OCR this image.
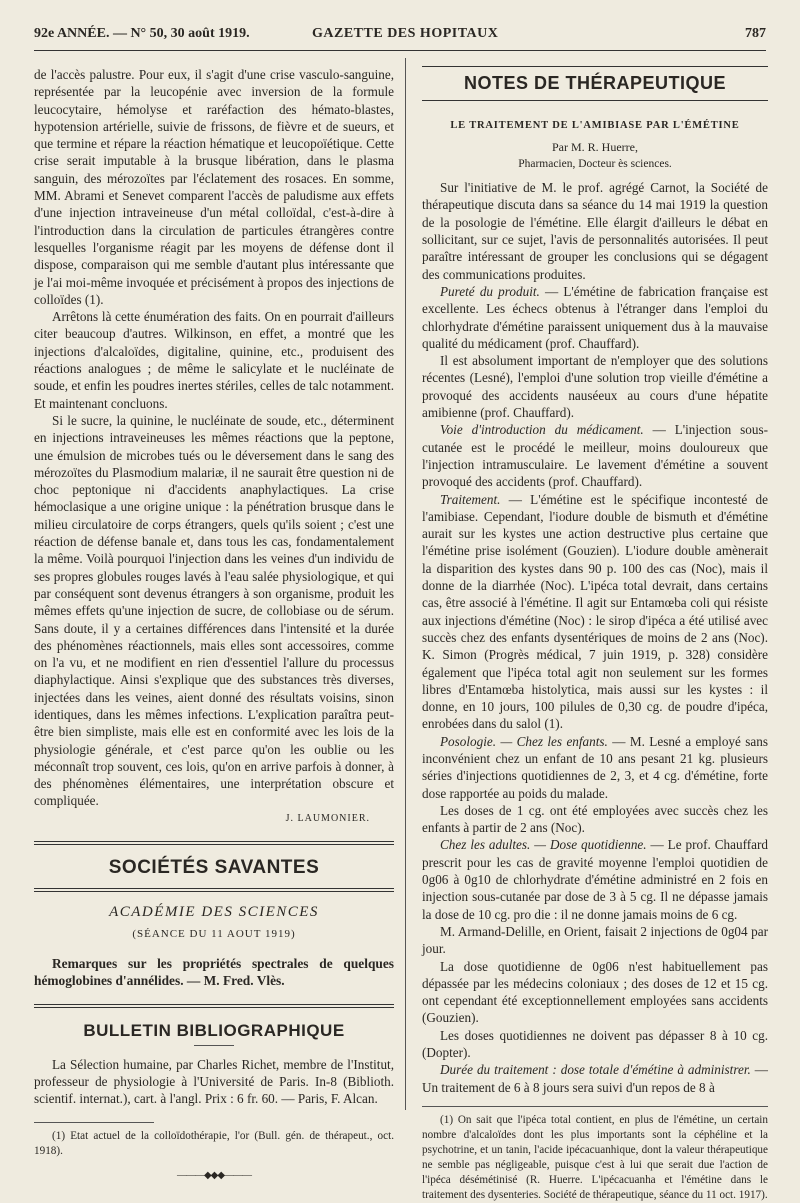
92e ANNÉE. — N° 50, 30 août 1919.	GAZETTE DES HOPITAUX	787

de l'accès palustre. Pour eux, il s'agit d'une crise vasculo-sanguine, représentée par la leucopénie avec inversion de la formule leucocytaire, hémolyse et raréfaction des hémato-blastes, hypotension artérielle, suivie de frissons, de fièvre et de sueurs, et que termine et répare la réaction hématique et leucopoïétique. Cette crise serait imputable à la brusque libération, dans le plasma sanguin, des mérozoïtes par l'éclatement des rosaces. En somme, MM. Abrami et Senevet comparent l'accès de paludisme aux effets d'une injection intraveineuse d'un métal colloïdal, c'est-à-dire à l'introduction dans la circulation de particules étrangères contre lesquelles l'organisme réagit par les moyens de défense dont il dispose, comparaison qui me semble d'autant plus intéressante que je l'ai moi-même invoquée et précisément à propos des injections de colloïdes (1).

Arrêtons là cette énumération des faits. On en pourrait d'ailleurs citer beaucoup d'autres. Wilkinson, en effet, a montré que les injections d'alcaloïdes, digitaline, quinine, etc., produisent des réactions analogues ; de même le salicylate et le nucléinate de soude, et enfin les poudres inertes stériles, celles de talc notamment. Et maintenant concluons.

Si le sucre, la quinine, le nucléinate de soude, etc., déterminent en injections intraveineuses les mêmes réactions que la peptone, une émulsion de microbes tués ou le déversement dans le sang des mérozoïtes du Plasmodium malariæ, il ne saurait être question ni de choc peptonique ni d'accidents anaphylactiques. La crise hémoclasique a une origine unique : la pénétration brusque dans le milieu circulatoire de corps étrangers, quels qu'ils soient ; c'est une réaction de défense banale et, dans tous les cas, fondamentalement la même. Voilà pourquoi l'injection dans les veines d'un individu de ses propres globules rouges lavés à l'eau salée physiologique, et qui par conséquent sont devenus étrangers à son organisme, produit les mêmes effets qu'une injection de sucre, de collobiase ou de sérum. Sans doute, il y a certaines différences dans l'intensité et la durée des phénomènes réactionnels, mais elles sont accessoires, comme on l'a vu, et ne modifient en rien d'essentiel l'allure du processus diaphylactique. Ainsi s'explique que des substances très diverses, injectées dans les veines, aient donné des résultats voisins, sinon identiques, dans les mêmes infections. L'explication paraîtra peut-être bien simpliste, mais elle est en conformité avec les lois de la physiologie générale, et c'est parce qu'on les oublie ou les méconnaît trop souvent, ces lois, qu'on en arrive parfois à donner, à des phénomènes élémentaires, une interprétation obscure et compliquée.

J. LAUMONIER.

SOCIÉTÉS SAVANTES
ACADÉMIE DES SCIENCES
(SÉANCE DU 11 AOUT 1919)

Remarques sur les propriétés spectrales de quelques hémoglobines d'annélides. — M. Fred. Vlès.

BULLETIN BIBLIOGRAPHIQUE

La Sélection humaine, par Charles Richet, membre de l'Institut, professeur de physiologie à l'Université de Paris. In-8 (Biblioth. scientif. internat.), cart. à l'angl. Prix : 6 fr. 60. — Paris, F. Alcan.

(1) Etat actuel de la colloïdothérapie, l'or (Bull. gén. de thérapeut., oct. 1918).

———◆◆◆———
NOTES DE THÉRAPEUTIQUE
LE TRAITEMENT DE L'AMIBIASE PAR L'ÉMÉTINE
Par M. R. Huerre,
Pharmacien, Docteur ès sciences.

Sur l'initiative de M. le prof. agrégé Carnot, la Société de thérapeutique discuta dans sa séance du 14 mai 1919 la question de la posologie de l'émétine. Elle élargit d'ailleurs le débat en sollicitant, sur ce sujet, l'avis de personnalités autorisées. Il peut paraître intéressant de grouper les conclusions qui se dégagent des communications produites.

Pureté du produit. — L'émétine de fabrication française est excellente. Les échecs obtenus à l'étranger dans l'emploi du chlorhydrate d'émétine paraissent uniquement dus à la mauvaise qualité du médicament (prof. Chauffard).

Il est absolument important de n'employer que des solutions récentes (Lesné), l'emploi d'une solution trop vieille d'émétine a provoqué des accidents nauséeux au cours d'une hépatite amibienne (prof. Chauffard).

Voie d'introduction du médicament. — L'injection sous-cutanée est le procédé le meilleur, moins douloureux que l'injection intramusculaire. Le lavement d'émétine a souvent provoqué des accidents (prof. Chauffard).

Traitement. — L'émétine est le spécifique incontesté de l'amibiase. Cependant, l'iodure double de bismuth et d'émétine aurait sur les kystes une action destructive plus certaine que l'émétine prise isolément (Gouzien). L'iodure double amènerait la disparition des kystes dans 90 p. 100 des cas (Noc), mais il donne de la diarrhée (Noc). L'ipéca total devrait, dans certains cas, être associé à l'émétine. Il agit sur Entamœba coli qui résiste aux injections d'émétine (Noc) : le sirop d'ipéca a été utilisé avec succès chez des enfants dysentériques de moins de 2 ans (Noc). K. Simon (Progrès médical, 7 juin 1919, p. 328) considère également que l'ipéca total agit non seulement sur les formes libres d'Entamœba histolytica, mais aussi sur les kystes : il donne, en 10 jours, 100 pilules de 0,30 cg. de poudre d'ipéca, enrobées dans du salol (1).

Posologie. — Chez les enfants. — M. Lesné a employé sans inconvénient chez un enfant de 10 ans pesant 21 kg. plusieurs séries d'injections quotidiennes de 2, 3, et 4 cg. d'émétine, forte dose rapportée au poids du malade.

Les doses de 1 cg. ont été employées avec succès chez les enfants à partir de 2 ans (Noc).

Chez les adultes. — Dose quotidienne. — Le prof. Chauffard prescrit pour les cas de gravité moyenne l'emploi quotidien de 0g06 à 0g10 de chlorhydrate d'émétine administré en 2 fois en injection sous-cutanée par dose de 3 à 5 cg. Il ne dépasse jamais la dose de 10 cg. pro die : il ne donne jamais moins de 6 cg.

M. Armand-Delille, en Orient, faisait 2 injections de 0g04 par jour.

La dose quotidienne de 0g06 n'est habituellement pas dépassée par les médecins coloniaux ; des doses de 12 et 15 cg. ont cependant été exceptionnellement employées sans accidents (Gouzien).

Les doses quotidiennes ne doivent pas dépasser 8 à 10 cg. (Dopter).

Durée du traitement : dose totale d'émétine à administrer. — Un traitement de 6 à 8 jours sera suivi d'un repos de 8 à

(1) On sait que l'ipéca total contient, en plus de l'émétine, un certain nombre d'alcaloïdes dont les plus importants sont la céphéline et la psychotrine, et un tanin, l'acide ipécacuanhique, dont la valeur thérapeutique ne semble pas négligeable, puisque c'est à lui que serait due l'action de l'ipéca désémétinisé (R. Huerre. L'ipécacuanha et l'émétine dans le traitement des dysenteries. Société de thérapeutique, séance du 11 oct. 1917).
